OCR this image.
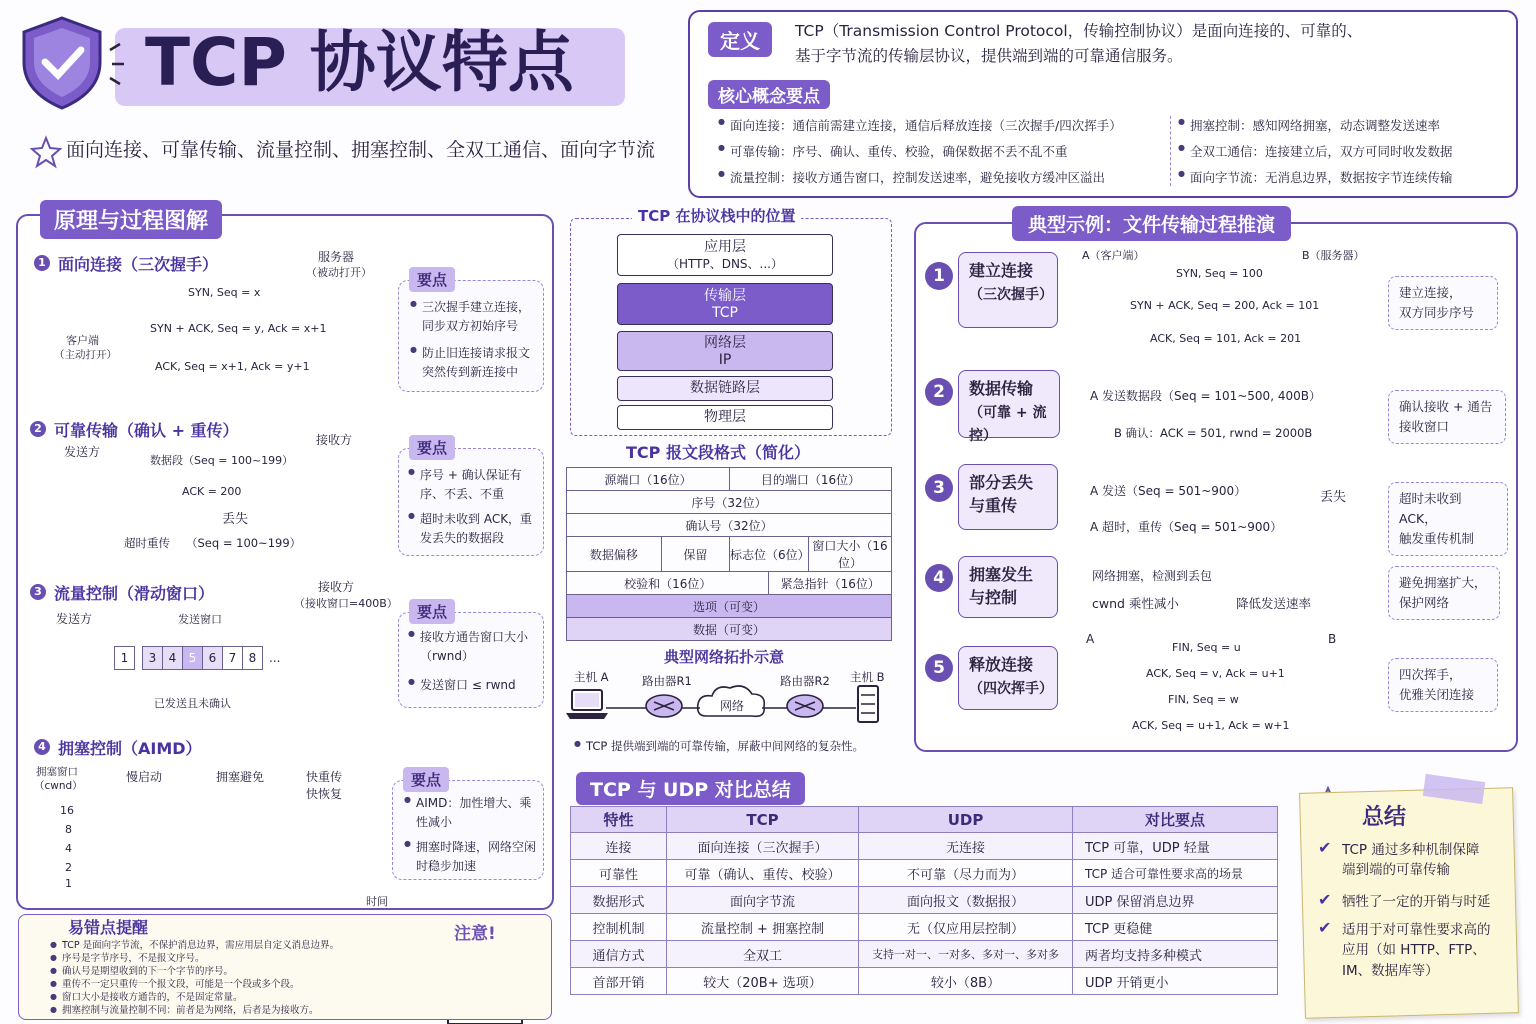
TCP 协议特点
面向连接、可靠传输、流量控制、拥塞控制、全双工通信、面向字节流
定义	TCP（Transmission Control Protocol，传输控制协议）是面向连接的、可靠的、
基于字节流的传输层协议，提供端到端的可靠通信服务。
核心概念要点
● 面向连接：通信前需建立连接，通信后释放连接（三次握手/四次挥手）
● 可靠传输：序号、确认、重传、校验，确保数据不丢不乱不重
● 流量控制：接收方通告窗口，控制发送速率，避免接收方缓冲区溢出
● 拥塞控制：感知网络拥塞，动态调整发送速率
● 全双工通信：连接建立后，双方可同时收发数据
● 面向字节流：无消息边界，数据按字节连续传输
原理与过程图解
1 面向连接（三次握手）	服务器
（被动打开）
客户端
（主动打开）
SYN, Seq = x
SYN + ACK, Seq = y, Ack = x+1
ACK, Seq = x+1, Ack = y+1
要点
● 三次握手建立连接，同步双方初始序号
● 防止旧连接请求报文突然传到新连接中
2 可靠传输（确认 + 重传）
发送方
接收方
数据段（Seq = 100~199）
ACK = 200
丢失
超时重传 （Seq = 100~199）
要点
● 序号 + 确认保证有序、不丢、不重
● 超时未收到 ACK，重发丢失的数据段
3 流量控制（滑动窗口）
发送方
接收方
（接收窗口=400B）
发送窗口
1		3	4	5	6	7	8	...
已发送且未确认
要点
● 接收方通告窗口大小（rwnd）
● 发送窗口 ≤ rwnd
4 拥塞控制（AIMD）
拥塞窗口
（cwnd）
慢启动	拥塞避免	快重传
快恢复
16
8
4
2
1
时间
要点
● AIMD：加性增大、乘性减小
● 拥塞时降速，网络空闲时稳步加速
TCP 在协议栈中的位置
应用层
（HTTP、DNS、...）
传输层
TCP
网络层
IP
数据链路层
物理层
TCP 报文段格式（简化）
源端口（16位）		目的端口（16位）		
序号（32位）				
确认号（32位）				
数据偏移	保留	标志位（6位）		窗口大小（16位）
校验和（16位）			紧急指针（16位）	
选项（可变）				
数据（可变）				
典型网络拓扑示意
主机 A	路由器R1
网络
路由器R2 主机 B
● TCP 提供端到端的可靠传输，屏蔽中间网络的复杂性。
典型示例：文件传输过程推演
A（客户端）	B（服务器）
1	建立连接
（三次握手）
SYN, Seq = 100
SYN + ACK, Seq = 200, Ack = 101
ACK, Seq = 101, Ack = 201
建立连接，
双方同步序号
2	数据传输
（可靠 + 流控）
A 发送数据段（Seq = 101~500, 400B）
B 确认：ACK = 501, rwnd = 2000B
确认接收 + 通告
接收窗口
3	部分丢失
与重传
A 发送（Seq = 501~900）	丢失
A 超时，重传（Seq = 501~900）
超时未收到 ACK，
触发重传机制
4	拥塞发生
与控制
网络拥塞，检测到丢包
cwnd 乘性减小	降低发送速率
避免拥塞扩大，
保护网络
5	释放连接
（四次挥手）
A	B
FIN, Seq = u
ACK, Seq = v, Ack = u+1
FIN, Seq = w
ACK, Seq = u+1, Ack = w+1
四次挥手，
优雅关闭连接
TCP 与 UDP 对比总结
特性	TCP	UDP	对比要点
连接	面向连接（三次握手）	无连接	TCP 可靠，UDP 轻量
可靠性	可靠（确认、重传、校验）	不可靠（尽力而为）	TCP 适合可靠性要求高的场景
数据形式	面向字节流	面向报文（数据报）	UDP 保留消息边界
控制机制	流量控制 + 拥塞控制	无（仅应用层控制）	TCP 更稳健
通信方式	全双工	支持一对一、一对多、多对一、多对多	两者均支持多种模式
首部开销	较大（20B+ 选项）	较小（8B）	UDP 开销更小
易错点提醒
● TCP 是面向字节流，不保护消息边界，需应用层自定义消息边界。
● 序号是字节序号，不是报文序号。
● 确认号是期望收到的下一个字节的序号。
● 重传不一定只重传一个报文段，可能是一个段或多个段。
● 窗口大小是接收方通告的，不是固定常量。
● 拥塞控制与流量控制不同：前者是为网络，后者是为接收方。
注意!
总结
✔ TCP 通过多种机制保障
端到端的可靠传输
✔ 牺牲了一定的开销与时延
✔ 适用于对可靠性要求高的
应用（如 HTTP、FTP、
IM、数据库等）
